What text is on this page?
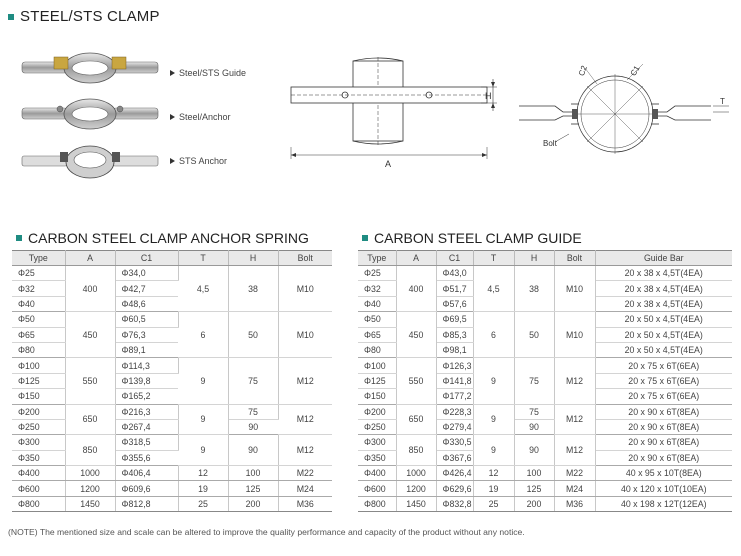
STEEL/STS CLAMP
Steel/STS Guide
Steel/Anchor
STS Anchor	A
H
C1
C2
T
Bolt
CARBON STEEL CLAMP ANCHOR SPRING	CARBON STEEL CLAMP GUIDE
Type	A	C1	T	H	Bolt
Φ25	400	Φ34,0	4,5	38	M10
Φ32		Φ42,7			
Φ40		Φ48,6			
Φ50	450	Φ60,5	6	50	M10
Φ65		Φ76,3			
Φ80		Φ89,1			
Φ100	550	Φ114,3	9	75	M12
Φ125		Φ139,8			
Φ150		Φ165,2			
Φ200	650	Φ216,3	9	75	M12
Φ250		Φ267,4		90	
Φ300	850	Φ318,5	9	90	M12
Φ350		Φ355,6			
Φ400	1000	Φ406,4	12	100	M22
Φ600	1200	Φ609,6	19	125	M24
Φ800	1450	Φ812,8	25	200	M36
Type	A	C1	T	H	Bolt	Guide Bar
Φ25	400	Φ43,0	4,5	38	M10	20 x 38 x 4,5T(4EA)
Φ32		Φ51,7				20 x 38 x 4,5T(4EA)
Φ40		Φ57,6				20 x 38 x 4,5T(4EA)
Φ50	450	Φ69,5	6	50	M10	20 x 50 x 4,5T(4EA)
Φ65		Φ85,3				20 x 50 x 4,5T(4EA)
Φ80		Φ98,1				20 x 50 x 4,5T(4EA)
Φ100	550	Φ126,3	9	75	M12	20 x 75 x 6T(6EA)
Φ125		Φ141,8				20 x 75 x 6T(6EA)
Φ150		Φ177,2				20 x 75 x 6T(6EA)
Φ200	650	Φ228,3	9	75	M12	20 x 90 x 6T(8EA)
Φ250		Φ279,4		90		20 x 90 x 6T(8EA)
Φ300	850	Φ330,5	9	90	M12	20 x 90 x 6T(8EA)
Φ350		Φ367,6				20 x 90 x 6T(8EA)
Φ400	1000	Φ426,4	12	100	M22	40 x 95 x 10T(8EA)
Φ600	1200	Φ629,6	19	125	M24	40 x 120 x 10T(10EA)
Φ800	1450	Φ832,8	25	200	M36	40 x 198 x 12T(12EA)
(NOTE) The mentioned size and scale can be altered to improve the quality performance and capacity of the product without any notice.
